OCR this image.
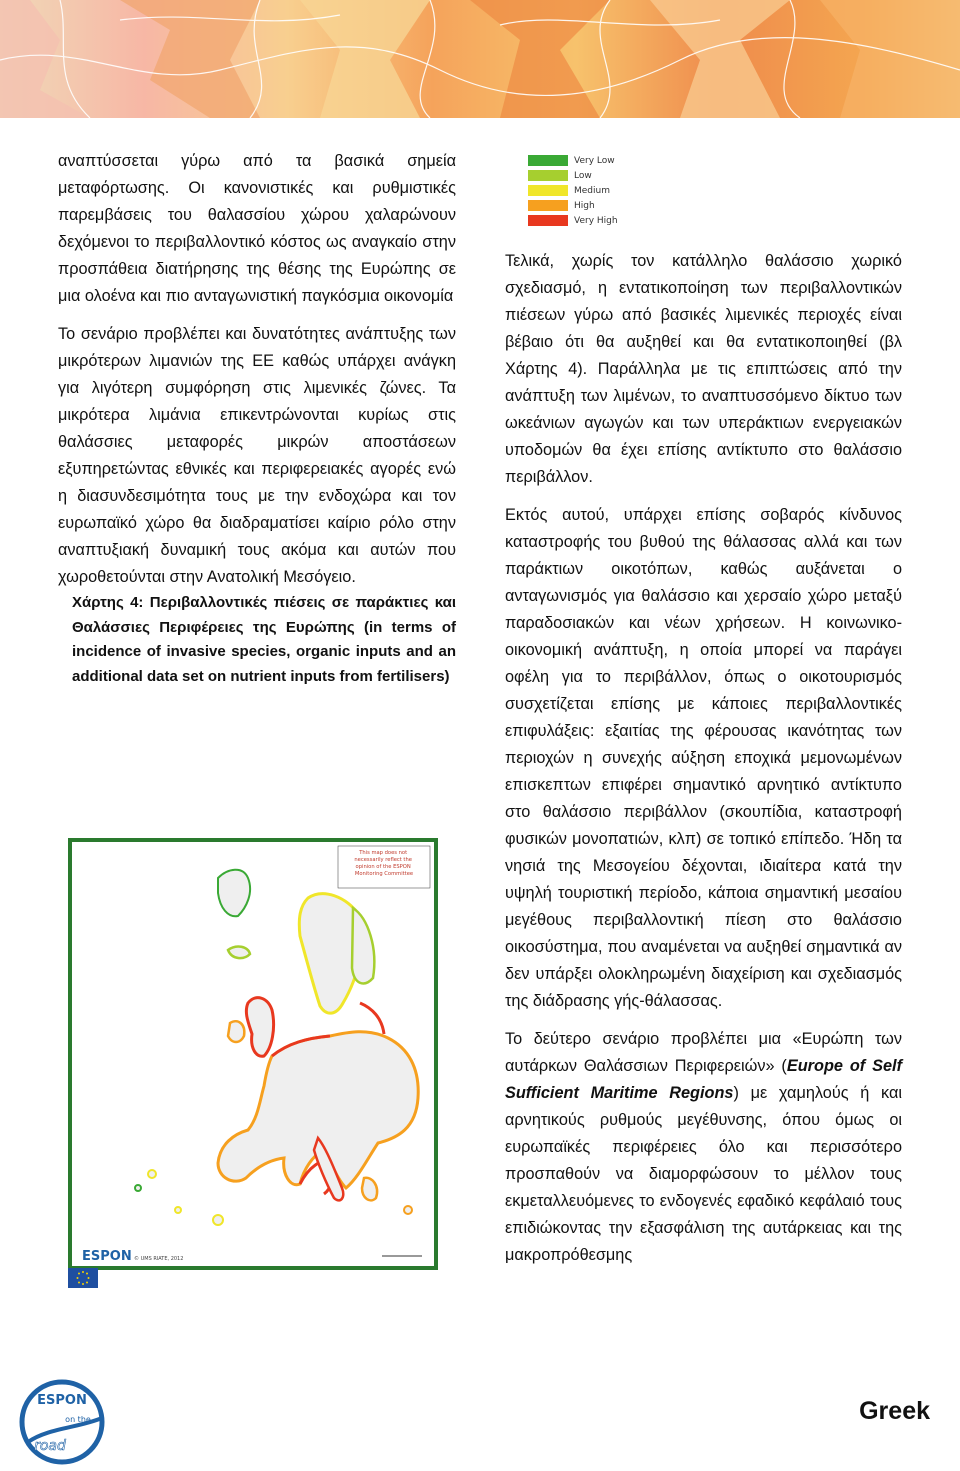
αναπτύσσεται γύρω από τα βασικά σημεία μεταφόρτωσης. Οι κανονιστικές και ρυθμιστικές παρεμβάσεις του θαλασσίου χώρου χαλαρώνουν δεχόμενοι το περιβαλλοντικό κόστος ως αναγκαίο στην προσπάθεια διατήρησης της θέσης της Ευρώπης σε μια ολοένα και πιο ανταγωνιστική παγκόσμια οικονομία

Το σενάριο προβλέπει και δυνατότητες ανάπτυξης των μικρότερων λιμανιών της ΕΕ καθώς υπάρχει ανάγκη για λιγότερη συμφόρηση στις λιμενικές ζώνες. Τα μικρότερα λιμάνια επικεντρώνονται κυρίως στις θαλάσσιες μεταφορές μικρών αποστάσεων εξυπηρετώντας εθνικές και περιφερειακές αγορές ενώ η διασυνδεσιμότητα τους με την ενδοχώρα και τον ευρωπαϊκό χώρο θα διαδραματίσει καίριο ρόλο στην αναπτυξιακή δυναμική τους ακόμα και αυτών που χωροθετούνται στην Ανατολική Μεσόγειο.

Χάρτης 4: Περιβαλλοντικές πιέσεις σε παράκτιες και Θαλάσσιες Περιφέρειες της Ευρώπης (in terms of incidence of invasive species, organic inputs and an additional data set on nutrient inputs from fertilisers)

Very Low
Low
Medium
High
Very High

Τελικά, χωρίς τον κατάλληλο θαλάσσιο χωρικό σχεδιασμό, η εντατικοποίηση των περιβαλλοντικών πιέσεων γύρω από βασικές λιμενικές περιοχές είναι βέβαιο ότι θα αυξηθεί και θα εντατικοποιηθεί (βλ Χάρτης 4). Παράλληλα με τις επιπτώσεις από την ανάπτυξη των λιμένων, το αναπτυσσόμενο δίκτυο των ωκεάνιων αγωγών και των υπεράκτιων ενεργειακών υποδομών θα έχει επίσης αντίκτυπο στο θαλάσσιο περιβάλλον.

Εκτός αυτού, υπάρχει επίσης σοβαρός κίνδυνος καταστροφής του βυθού της θάλασσας αλλά και των παράκτιων οικοτόπων, καθώς αυξάνεται ο ανταγωνισμός για θαλάσσιο και χερσαίο χώρο μεταξύ παραδοσιακών και νέων χρήσεων. Η κοινωνικο-οικονομική ανάπτυξη, η οποία μπορεί να παράγει οφέλη για το περιβάλλον, όπως ο οικοτουρισμός συσχετίζεται επίσης με κάποιες περιβαλλοντικές επιφυλάξεις: εξαιτίας της φέρουσας ικανότητας των περιοχών η συνεχής αύξηση εποχικά μεμονωμένων επισκεπτων επιφέρει σημαντικό αρνητικό αντίκτυπο στο θαλάσσιο περιβάλλον (σκουπίδια, καταστροφή φυσικών μονοπατιών, κλπ) σε τοπικό επίπεδο. Ήδη τα νησιά της Μεσογείου δέχονται, ιδιαίτερα κατά την υψηλή τουριστική περίοδο, κάποια σημαντική μεσαίου μεγέθους περιβαλλοντική πίεση στο θαλάσσιο οικοσύστημα, που αναμένεται να αυξηθεί σημαντικά αν δεν υπάρξει ολοκληρωμένη διαχείριση και σχεδιασμός της διάδρασης γής-θάλασσας.

Το δεύτερο σενάριο προβλέπει μια «Ευρώπη των αυτάρκων Θαλάσσιων Περιφερειών» (Europe of Self Sufficient Maritime Regions) με χαμηλούς ή και αρνητικούς ρυθμούς μεγέθυνσης, όπου όμως οι ευρωπαϊκές περιφέρειες όλο και περισσότερο προσπαθούν να διαμορφώσουν το μέλλον τους εκμεταλλευόμενες το ενδογενές εφαδικό κεφάλαιό τους επιδιώκοντας την εξασφάλιση της αυτάρκειας και της μακροπρόθεσμης

This map does not necessarily reflect the opinion of the ESPON Monitoring Committee
ESPON © UMS RIATE, 2012
ESPON
on the
road
Greek
